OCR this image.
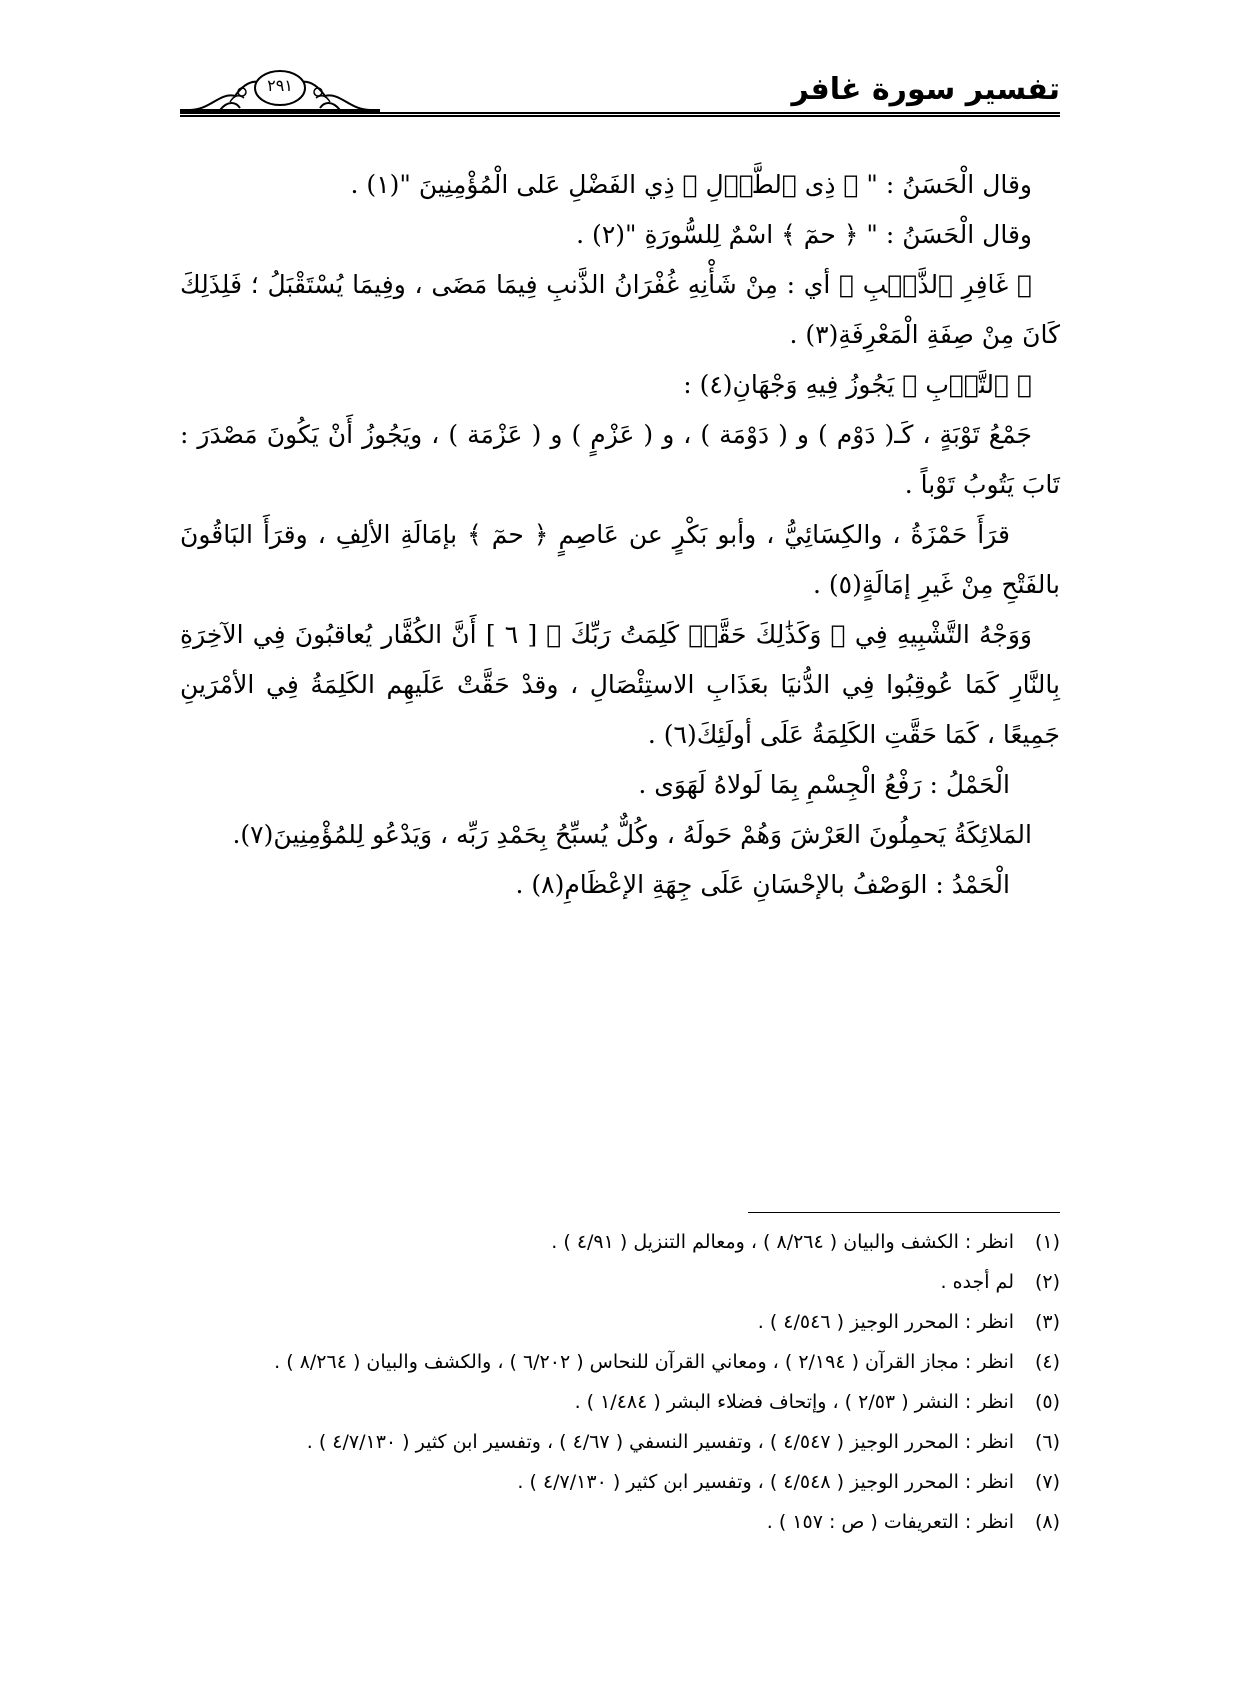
تفسير سورة غافر
٢٩١

وقال الْحَسَنُ : " ﴿ ذِى ٱلطَّوۡلِ ﴾ ذِي الفَضْلِ عَلى الْمُؤْمِنِينَ "(١) .

وقال الْحَسَنُ : " ﴿ حمٓ ﴾ اسْمٌ لِلسُّورَةِ "(٢) .

﴿ غَافِرِ ٱلذَّنۢبِ ﴾ أي : مِنْ شَأْنِهِ غُفْرَانُ الذَّنبِ فِيمَا مَضَى ، وفِيمَا يُسْتَقْبَلُ ؛ فَلِذَلِكَ كَانَ مِنْ صِفَةِ الْمَعْرِفَةِ(٣) .

﴿ ٱلتَّوۡبِ ﴾ يَجُوزُ فِيهِ وَجْهَانِ(٤) :

جَمْعُ تَوْبَةٍ ، كَـ( دَوْم ) و ( دَوْمَة ) ، و ( عَزْمٍ ) و ( عَزْمَة ) ، ويَجُوزُ أَنْ يَكُونَ مَصْدَرَ : تَابَ يَتُوبُ تَوْباً .

قرَأَ حَمْزَةُ ، والكِسَائِيُّ ، وأبو بَكْرٍ عن عَاصِمٍ ﴿ حمٓ ﴾ بإمَالَةِ الألِفِ ، وقرَأَ البَاقُونَ بالفَتْحِ مِنْ غَيرِ إمَالَةٍ(٥) .

وَوَجْهُ التَّشْبِيهِ فِي ﴿ وَكَذَٰلِكَ حَقَّتۡ كَلِمَتُ رَبِّكَ ﴾ [ ٦ ] أَنَّ الكُفَّار يُعاقبُونَ فِي الآخِرَةِ بِالنَّارِ كَمَا عُوقِبُوا فِي الدُّنيَا بعَذَابِ الاستِئْصَالِ ، وقدْ حَقَّتْ عَلَيهِم الكَلِمَةُ فِي الأمْرَينِ جَمِيعًا ، كَمَا حَقَّتِ الكَلِمَةُ عَلَى أولَئِكَ(٦) .

الْحَمْلُ : رَفْعُ الْجِسْمِ بِمَا لَولاهُ لَهَوَى .

المَلائِكَةُ يَحمِلُونَ العَرْشَ وَهُمْ حَولَهُ ، وكُلٌّ يُسبِّحُ بِحَمْدِ رَبِّه ، وَيَدْعُو لِلمُؤْمِنِينَ(٧).

الْحَمْدُ : الوَصْفُ بالإحْسَانِ عَلَى جِهَةِ الإعْظَامِ(٨) .

(١)
انظر : الكشف والبيان ( ٨/٢٦٤ ) ، ومعالم التنزيل ( ٤/٩١ ) .
(٢)
لم أجده .
(٣)
انظر : المحرر الوجيز ( ٤/٥٤٦ ) .
(٤)
انظر : مجاز القرآن ( ٢/١٩٤ ) ، ومعاني القرآن للنحاس ( ٦/٢٠٢ ) ، والكشف والبيان ( ٨/٢٦٤ ) .
(٥)
انظر : النشر ( ٢/٥٣ ) ، وإتحاف فضلاء البشر ( ١/٤٨٤ ) .
(٦)
انظر : المحرر الوجيز ( ٤/٥٤٧ ) ، وتفسير النسفي ( ٤/٦٧ ) ، وتفسير ابن كثير ( ٤/٧/١٣٠ ) .
(٧)
انظر : المحرر الوجيز ( ٤/٥٤٨ ) ، وتفسير ابن كثير ( ٤/٧/١٣٠ ) .
(٨)
انظر : التعريفات ( ص : ١٥٧ ) .
